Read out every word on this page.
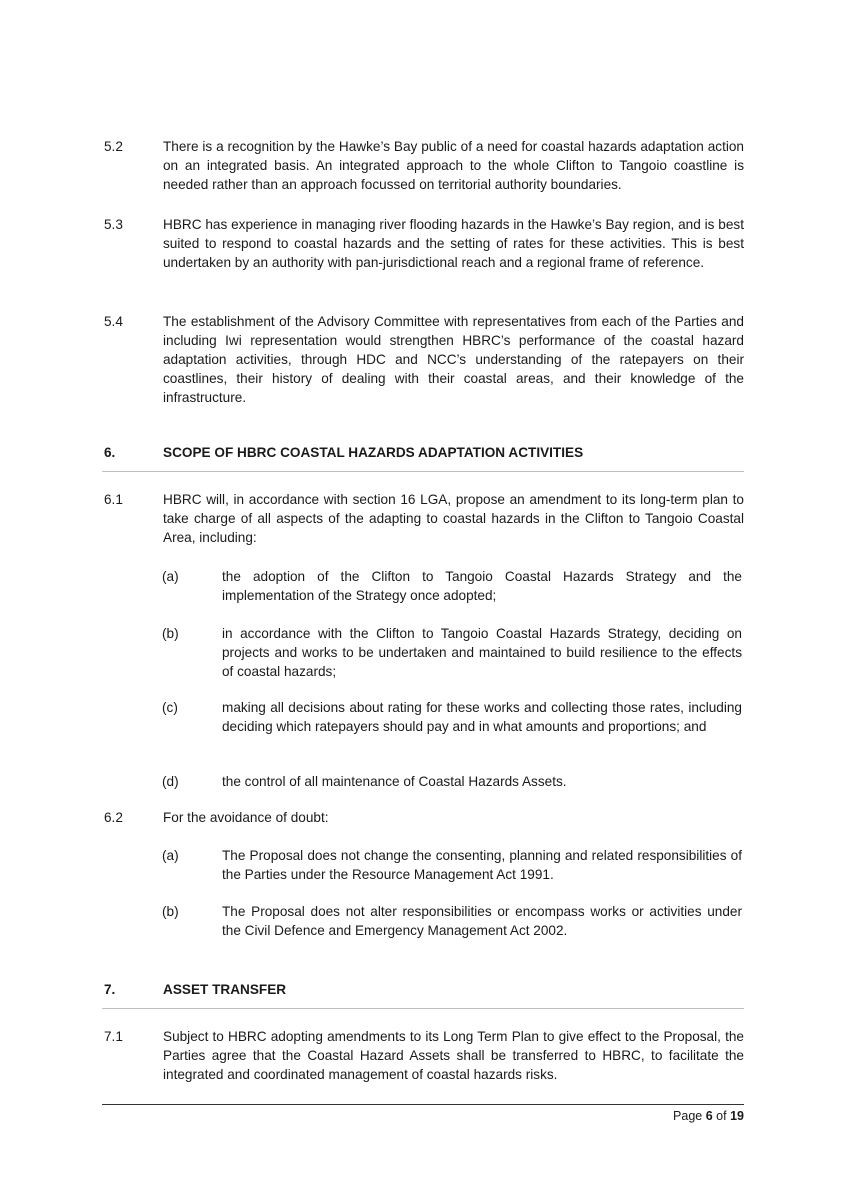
5.2	There is a recognition by the Hawke’s Bay public of a need for coastal hazards adaptation action on an integrated basis. An integrated approach to the whole Clifton to Tangoio coastline is needed rather than an approach focussed on territorial authority boundaries.
5.3	HBRC has experience in managing river flooding hazards in the Hawke’s Bay region, and is best suited to respond to coastal hazards and the setting of rates for these activities. This is best undertaken by an authority with pan-jurisdictional reach and a regional frame of reference.
5.4	The establishment of the Advisory Committee with representatives from each of the Parties and including Iwi representation would strengthen HBRC’s performance of the coastal hazard adaptation activities, through HDC and NCC’s understanding of the ratepayers on their coastlines, their history of dealing with their coastal areas, and their knowledge of the infrastructure.
6.	SCOPE OF HBRC COASTAL HAZARDS ADAPTATION ACTIVITIES
6.1	HBRC will, in accordance with section 16 LGA, propose an amendment to its long-term plan to take charge of all aspects of the adapting to coastal hazards in the Clifton to Tangoio Coastal Area, including:
(a)	the adoption of the Clifton to Tangoio Coastal Hazards Strategy and the implementation of the Strategy once adopted;
(b)	in accordance with the Clifton to Tangoio Coastal Hazards Strategy, deciding on projects and works to be undertaken and maintained to build resilience to the effects of coastal hazards;
(c)	making all decisions about rating for these works and collecting those rates, including deciding which ratepayers should pay and in what amounts and proportions; and
(d)	the control of all maintenance of Coastal Hazards Assets.
6.2	For the avoidance of doubt:
(a)	The Proposal does not change the consenting, planning and related responsibilities of the Parties under the Resource Management Act 1991.
(b)	The Proposal does not alter responsibilities or encompass works or activities under the Civil Defence and Emergency Management Act 2002.
7.	ASSET TRANSFER
7.1	Subject to HBRC adopting amendments to its Long Term Plan to give effect to the Proposal, the Parties agree that the Coastal Hazard Assets shall be transferred to HBRC, to facilitate the integrated and coordinated management of coastal hazards risks.
Page 6 of 19
